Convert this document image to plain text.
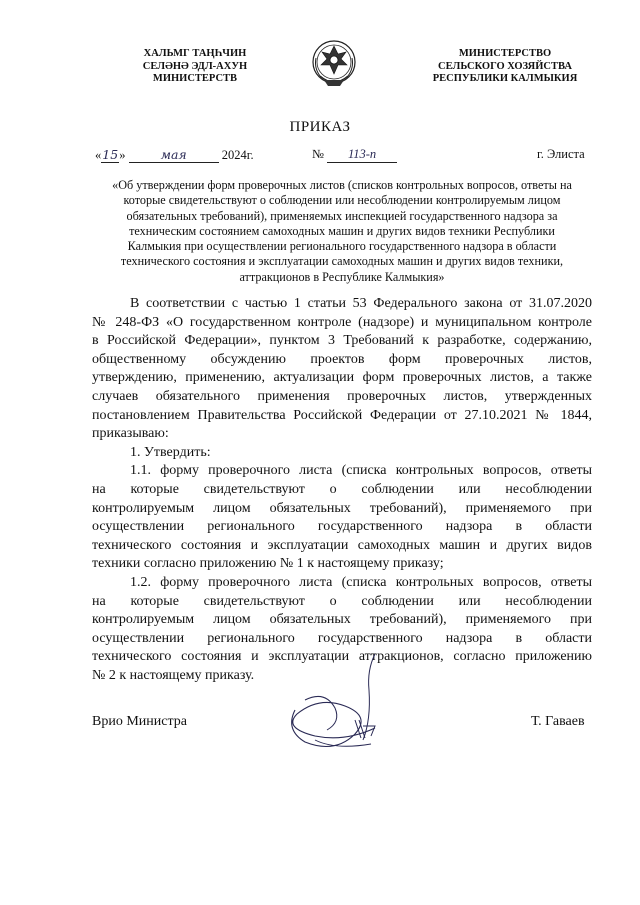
ХАЛЬМГ ТАҢҺЧИН
СЕЛӘНӘ ЭДЛ-АХУН
МИНИСТЕРСТВ
МИНИСТЕРСТВО
СЕЛЬСКОГО ХОЗЯЙСТВА
РЕСПУБЛИКИ КАЛМЫКИЯ
ПРИКАЗ
«15»	мая	2024г.	№ 113-п	г. Элиста
«Об утверждении форм проверочных листов (списков контрольных вопросов, ответы на
которые свидетельствуют о соблюдении или несоблюдении контролируемым лицом
обязательных требований), применяемых инспекцией государственного надзора за
техническим состоянием самоходных машин и других видов техники Республики
Калмыкия при осуществлении регионального государственного надзора в области
технического состояния и эксплуатации самоходных машин и других видов техники,
аттракционов в Республике Калмыкия»
В соответствии с частью 1 статьи 53 Федерального закона от 31.07.2020
№ 248-ФЗ «О государственном контроле (надзоре) и муниципальном контроле
в Российской Федерации», пунктом 3 Требований к разработке, содержанию,
общественному обсуждению проектов форм проверочных листов,
утверждению, применению, актуализации форм проверочных листов, а также
случаев обязательного применения проверочных листов, утвержденных
постановлением Правительства Российской Федерации от 27.10.2021 № 1844,
приказываю:
1. Утвердить:
1.1. форму проверочного листа (списка контрольных вопросов, ответы
на которые свидетельствуют о соблюдении или несоблюдении
контролируемым лицом обязательных требований), применяемого при
осуществлении регионального государственного надзора в области
технического состояния и эксплуатации самоходных машин и других видов
техники согласно приложению № 1 к настоящему приказу;
1.2. форму проверочного листа (списка контрольных вопросов, ответы
на которые свидетельствуют о соблюдении или несоблюдении
контролируемым лицом обязательных требований), применяемого при
осуществлении регионального государственного надзора в области
технического состояния и эксплуатации аттракционов, согласно приложению
№ 2 к настоящему приказу.
Врио Министра	Т. Гаваев
